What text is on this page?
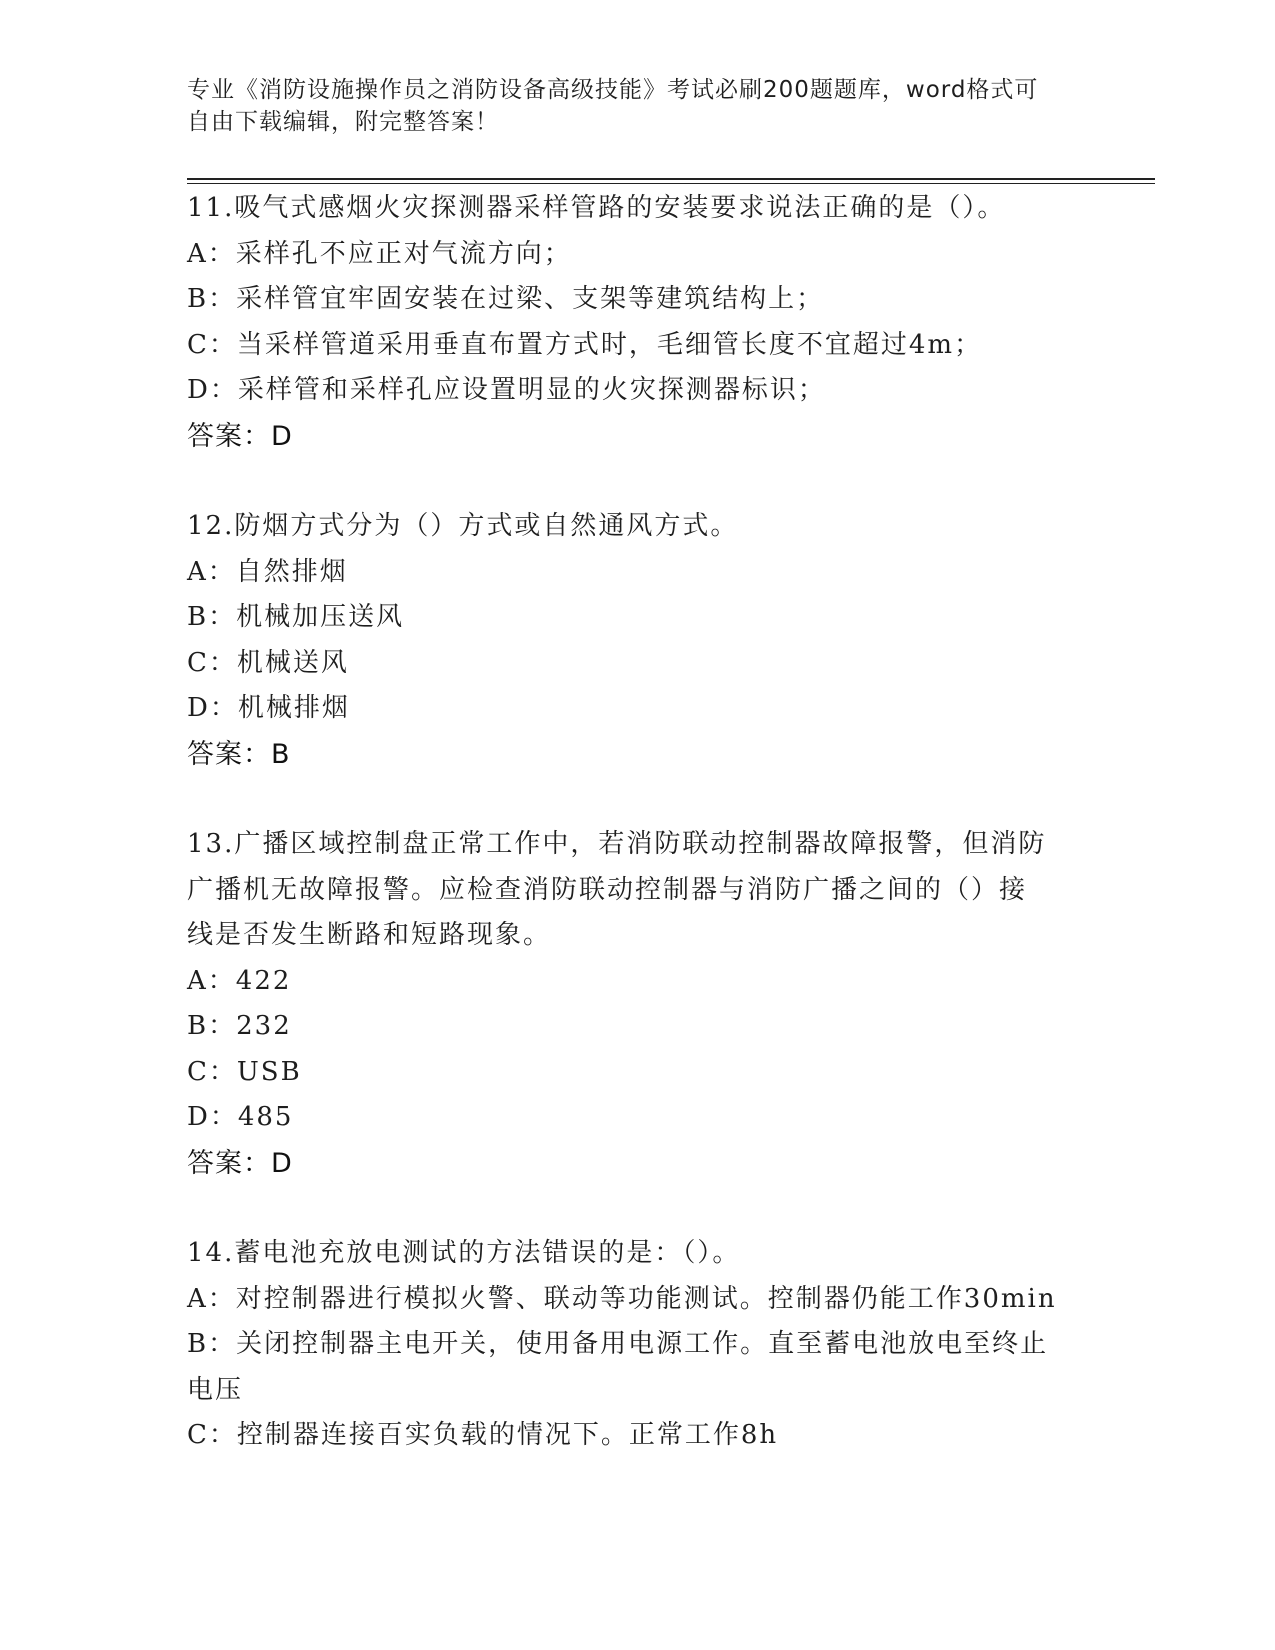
专业《消防设施操作员之消防设备高级技能》考试必刷200题题库，word格式可
自由下载编辑，附完整答案！
11.吸气式感烟火灾探测器采样管路的安装要求说法正确的是（）。
A：采样孔不应正对气流方向；
B：采样管宜牢固安装在过梁、支架等建筑结构上；
C：当采样管道采用垂直布置方式时，毛细管长度不宜超过4m；
D：采样管和采样孔应设置明显的火灾探测器标识；
答案：D
12.防烟方式分为（）方式或自然通风方式。
A：自然排烟
B：机械加压送风
C：机械送风
D：机械排烟
答案：B
13.广播区域控制盘正常工作中，若消防联动控制器故障报警，但消防
广播机无故障报警。应检查消防联动控制器与消防广播之间的（）接
线是否发生断路和短路现象。
A：422
B：232
C：USB
D：485
答案：D
14.蓄电池充放电测试的方法错误的是：（）。
A：对控制器进行模拟火警、联动等功能测试。控制器仍能工作30min
B：关闭控制器主电开关，使用备用电源工作。直至蓄电池放电至终止
电压
C：控制器连接百实负载的情况下。正常工作8h
